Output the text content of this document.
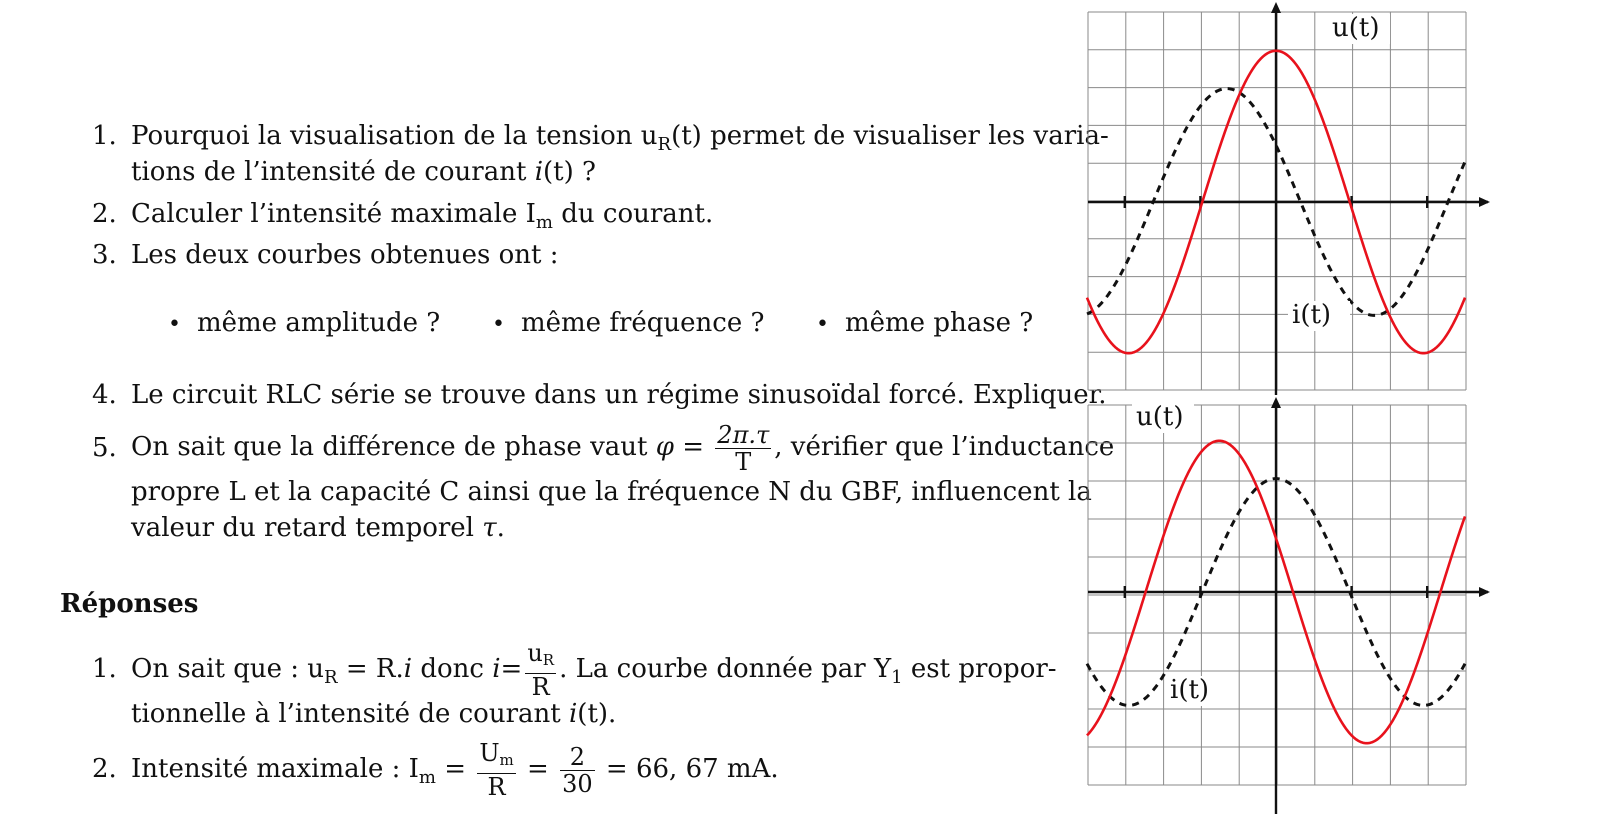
1. Pourquoi la visualisation de la tension $u_R(t)$ permet de visualiser les varia-
tions de l’intensité de courant i(t) ?
2. Calculer l’intensité maximale $I_m$ du courant.
3. Les deux courbes obtenues ont :
• même amplitude ? • même fréquence ? • même phase ?
4. Le circuit RLC série se trouve dans un régime sinusoïdal forcé. Expliquer.
5. On sait que la différence de phase vaut $\varphi = \frac{2\pi.\tau}{T}$ , vérifier que l’inductance
propre L et la capacité C ainsi que la fréquence N du GBF, influencent la
valeur du retard temporel τ.
Réponses
1. On sait que : $u_R = R.i$ donc $i= \frac{u_R}{R}$ . La courbe donnée par $Y_1$ est propor-
tionnelle à l’intensité de courant i(t).
2. Intensité maximale : $I_m = \frac{U_m}{R} = \frac{2}{30} = 66$, 67 mA.
u(t)
i(t)
u(t)
i(t)
